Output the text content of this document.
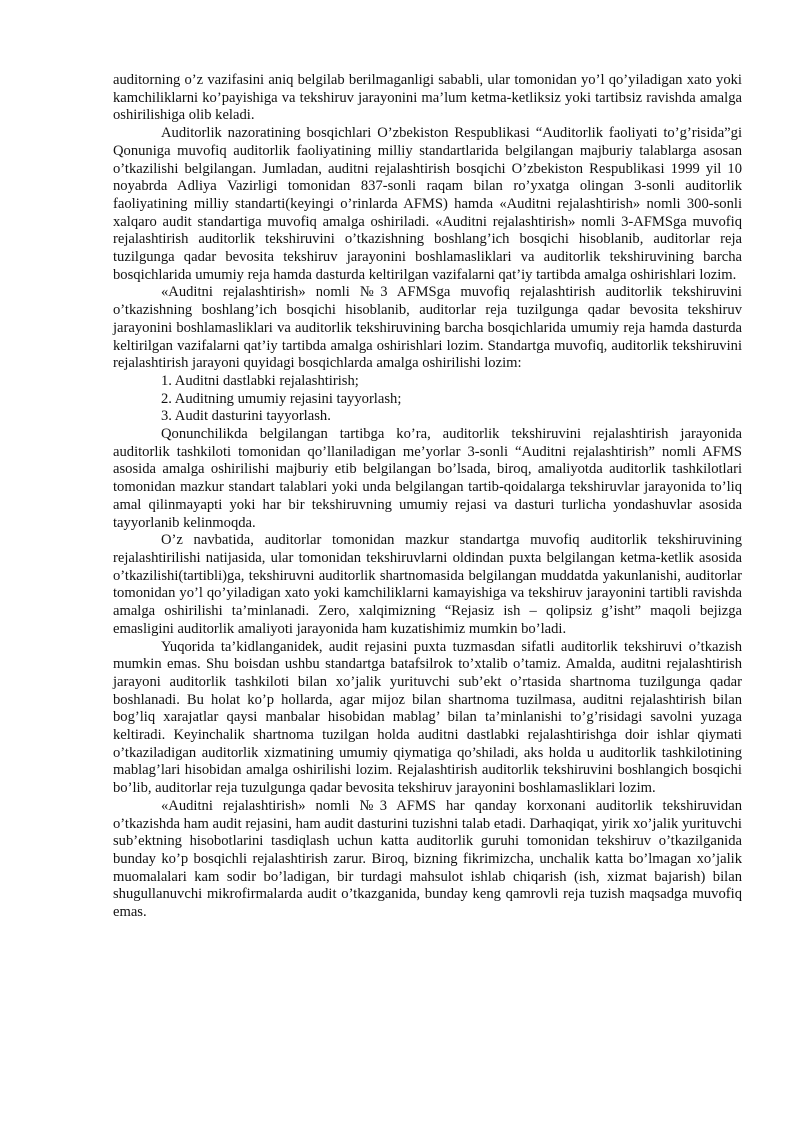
auditorning o’z vazifasini aniq belgilab berilmaganligi sababli, ular tomonidan yo’l qo’yiladigan xato yoki kamchiliklarni ko’payishiga va tekshiruv jarayonini ma’lum ketma-ketliksiz yoki tartibsiz ravishda amalga oshirilishiga olib keladi.

Auditorlik nazoratining bosqichlari O’zbekiston Respublikasi “Auditorlik faoliyati to’g’risida”gi Qonuniga muvofiq auditorlik faoliyatining milliy standartlarida belgilangan majburiy talablarga asosan o’tkazilishi belgilangan. Jumladan, auditni rejalashtirish bosqichi O’zbekiston Respublikasi 1999 yil 10 noyabrda Adliya Vazirligi tomonidan 837-sonli raqam bilan ro’yxatga olingan 3-sonli auditorlik faoliyatining milliy standarti(keyingi o’rinlarda AFMS) hamda «Auditni rejalashtirish» nomli 300-sonli xalqaro audit standartiga muvofiq amalga oshiriladi. «Auditni rejalashtirish» nomli 3-AFMSga muvofiq rejalashtirish auditorlik tekshiruvini o’tkazishning boshlang’ich bosqichi hisoblanib, auditorlar reja tuzilgunga qadar bevosita tekshiruv jarayonini boshlamasliklari va auditorlik tekshiruvining barcha bosqichlarida umumiy reja hamda dasturda keltirilgan vazifalarni qat’iy tartibda amalga oshirishlari lozim.

«Auditni rejalashtirish» nomli №3 AFMSga muvofiq rejalashtirish auditorlik tekshiruvini o’tkazishning boshlang’ich bosqichi hisoblanib, auditorlar reja tuzilgunga qadar bevosita tekshiruv jarayonini boshlamasliklari va auditorlik tekshiruvining barcha bosqichlarida umumiy reja hamda dasturda keltirilgan vazifalarni qat’iy tartibda amalga oshirishlari lozim. Standartga muvofiq, auditorlik tekshiruvini rejalashtirish jarayoni quyidagi bosqichlarda amalga oshirilishi lozim:

1. Auditni dastlabki rejalashtirish;

2. Auditning umumiy rejasini tayyorlash;

3. Audit dasturini tayyorlash.

Qonunchilikda belgilangan tartibga ko’ra, auditorlik tekshiruvini rejalashtirish jarayonida auditorlik tashkiloti tomonidan qo’llaniladigan me’yorlar 3-sonli “Auditni rejalashtirish” nomli AFMS asosida amalga oshirilishi majburiy etib belgilangan bo’lsada, biroq, amaliyotda auditorlik tashkilotlari tomonidan mazkur standart talablari yoki unda belgilangan tartib-qoidalarga tekshiruvlar jarayonida to’liq amal qilinmayapti yoki har bir tekshiruvning umumiy rejasi va dasturi turlicha yondashuvlar asosida tayyorlanib kelinmoqda.

O’z navbatida, auditorlar tomonidan mazkur standartga muvofiq auditorlik tekshiruvining rejalashtirilishi natijasida, ular tomonidan tekshiruvlarni oldindan puxta belgilangan ketma-ketlik asosida o’tkazilishi(tartibli)ga, tekshiruvni auditorlik shartnomasida belgilangan muddatda yakunlanishi, auditorlar tomonidan yo’l qo’yiladigan xato yoki kamchiliklarni kamayishiga va tekshiruv jarayonini tartibli ravishda amalga oshirilishi ta’minlanadi. Zero, xalqimizning “Rejasiz ish – qolipsiz g’isht” maqoli bejizga emasligini auditorlik amaliyoti jarayonida ham kuzatishimiz mumkin bo’ladi.

Yuqorida ta’kidlanganidek, audit rejasini puxta tuzmasdan sifatli auditorlik tekshiruvi o’tkazish mumkin emas. Shu boisdan ushbu standartga batafsilrok to’xtalib o’tamiz. Amalda, auditni rejalashtirish jarayoni auditorlik tashkiloti bilan xo’jalik yurituvchi sub’ekt o’rtasida shartnoma tuzilgunga qadar boshlanadi. Bu holat ko’p hollarda, agar mijoz bilan shartnoma tuzilmasa, auditni rejalashtirish bilan bog’liq xarajatlar qaysi manbalar hisobidan mablag’ bilan ta’minlanishi to’g’risidagi savolni yuzaga keltiradi. Keyinchalik shartnoma tuzilgan holda auditni dastlabki rejalashtirishga doir ishlar qiymati o’tkaziladigan auditorlik xizmatining umumiy qiymatiga qo’shiladi, aks holda u auditorlik tashkilotining mablag’lari hisobidan amalga oshirilishi lozim. Rejalashtirish auditorlik tekshiruvini boshlangich bosqichi bo’lib, auditorlar reja tuzulgunga qadar bevosita tekshiruv jarayonini boshlamasliklari lozim.

«Auditni rejalashtirish» nomli №3 AFMS har qanday korxonani auditorlik tekshiruvidan o’tkazishda ham audit rejasini, ham audit dasturini tuzishni talab etadi. Darhaqiqat, yirik xo’jalik yurituvchi sub’ektning hisobotlarini tasdiqlash uchun katta auditorlik guruhi tomonidan tekshiruv o’tkazilganida bunday ko’p bosqichli rejalashtirish zarur. Biroq, bizning fikrimizcha, unchalik katta bo’lmagan xo’jalik muomalalari kam sodir bo’ladigan, bir turdagi mahsulot ishlab chiqarish (ish, xizmat bajarish) bilan shugullanuvchi mikrofirmalarda audit o’tkazganida, bunday keng qamrovli reja tuzish maqsadga muvofiq emas.
